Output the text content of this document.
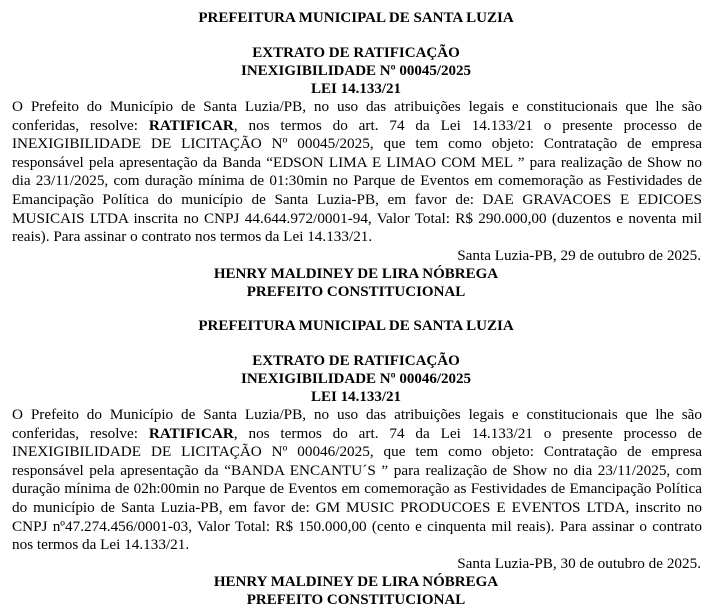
PREFEITURA MUNICIPAL DE SANTA LUZIA

EXTRATO DE RATIFICAÇÃO

INEXIGIBILIDADE Nº 00045/2025

LEI 14.133/21

O Prefeito do Município de Santa Luzia/PB, no uso das atribuições legais e constitucionais que lhe são conferidas, resolve: RATIFICAR, nos termos do art. 74 da Lei 14.133/21 o presente processo de INEXIGIBILIDADE DE LICITAÇÃO Nº 00045/2025, que tem como objeto: Contratação de empresa responsável pela apresentação da Banda “EDSON LIMA E LIMAO COM MEL ” para realização de Show no dia 23/11/2025, com duração mínima de 01:30min no Parque de Eventos em comemoração as Festividades de Emancipação Política do município de Santa Luzia-PB, em favor de: DAE GRAVACOES E EDICOES MUSICAIS LTDA inscrita no CNPJ 44.644.972/0001-94, Valor Total: R$ 290.000,00 (duzentos e noventa mil reais). Para assinar o contrato nos termos da Lei 14.133/21.

Santa Luzia-PB, 29 de outubro de 2025.

HENRY MALDINEY DE LIRA NÓBREGA

PREFEITO CONSTITUCIONAL

PREFEITURA MUNICIPAL DE SANTA LUZIA

EXTRATO DE RATIFICAÇÃO

INEXIGIBILIDADE Nº 00046/2025

LEI 14.133/21

O Prefeito do Município de Santa Luzia/PB, no uso das atribuições legais e constitucionais que lhe são conferidas, resolve: RATIFICAR, nos termos do art. 74 da Lei 14.133/21 o presente processo de INEXIGIBILIDADE DE LICITAÇÃO Nº 00046/2025, que tem como objeto: Contratação de empresa responsável pela apresentação da “BANDA ENCANTU´S ” para realização de Show no dia 23/11/2025, com duração mínima de 02h:00min no Parque de Eventos em comemoração as Festividades de Emancipação Política do município de Santa Luzia-PB, em favor de: GM MUSIC PRODUCOES E EVENTOS LTDA, inscrito no CNPJ nº47.274.456/0001-03, Valor Total: R$ 150.000,00 (cento e cinquenta mil reais). Para assinar o contrato nos termos da Lei 14.133/21.

Santa Luzia-PB, 30 de outubro de 2025.

HENRY MALDINEY DE LIRA NÓBREGA

PREFEITO CONSTITUCIONAL
